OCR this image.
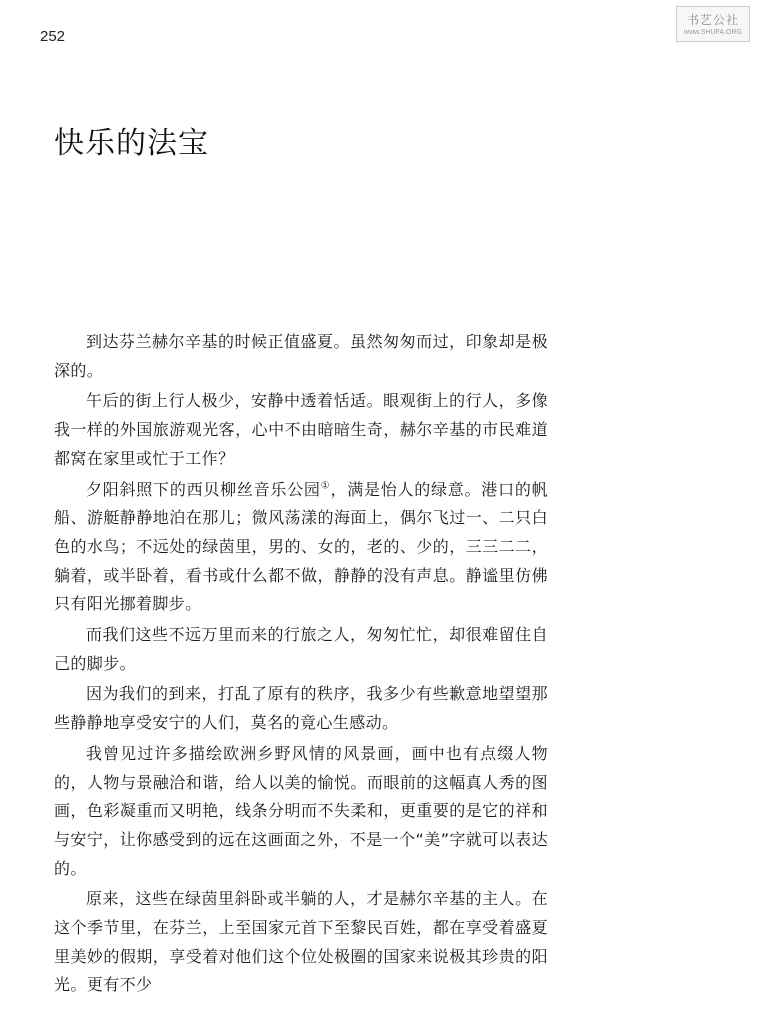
252
书艺公社
www.SHUFA.ORG
快乐的法宝

到达芬兰赫尔辛基的时候正值盛夏。虽然匆匆而过，印象却是极深的。

午后的街上行人极少，安静中透着恬适。眼观街上的行人，多像我一样的外国旅游观光客，心中不由暗暗生奇，赫尔辛基的市民难道都窝在家里或忙于工作？

夕阳斜照下的西贝柳丝音乐公园①，满是怡人的绿意。港口的帆船、游艇静静地泊在那儿；微风荡漾的海面上，偶尔飞过一、二只白色的水鸟；不远处的绿茵里，男的、女的，老的、少的，三三二二，躺着，或半卧着，看书或什么都不做，静静的没有声息。静谧里仿佛只有阳光挪着脚步。

而我们这些不远万里而来的行旅之人，匆匆忙忙，却很难留住自己的脚步。

因为我们的到来，打乱了原有的秩序，我多少有些歉意地望望那些静静地享受安宁的人们，莫名的竟心生感动。

我曾见过许多描绘欧洲乡野风情的风景画，画中也有点缀人物的，人物与景融洽和谐，给人以美的愉悦。而眼前的这幅真人秀的图画，色彩凝重而又明艳，线条分明而不失柔和，更重要的是它的祥和与安宁，让你感受到的远在这画面之外，不是一个“美”字就可以表达的。

原来，这些在绿茵里斜卧或半躺的人，才是赫尔辛基的主人。在这个季节里，在芬兰，上至国家元首下至黎民百姓，都在享受着盛夏里美妙的假期，享受着对他们这个位处极圈的国家来说极其珍贵的阳光。更有不少
